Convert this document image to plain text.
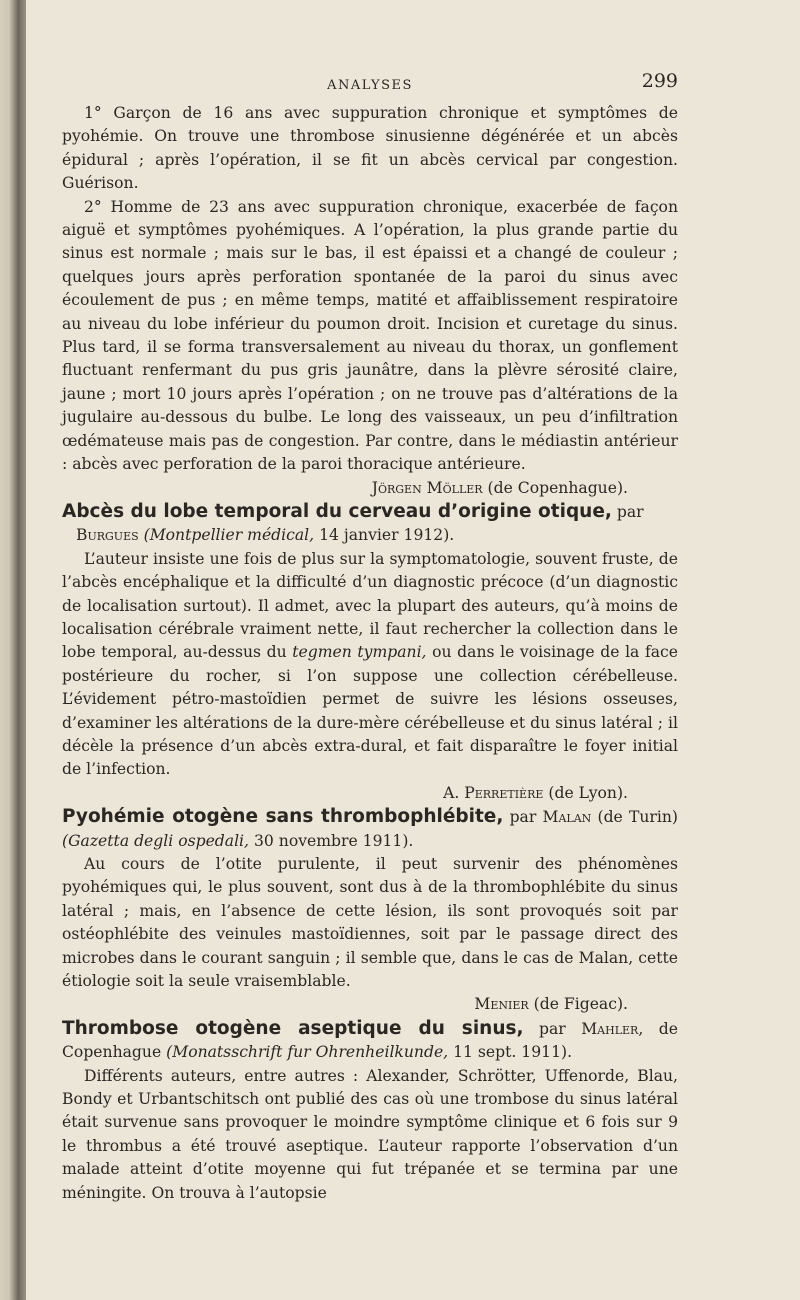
ANALYSES	299

1° Garçon de 16 ans avec suppuration chronique et symptômes de pyohémie. On trouve une thrombose sinusienne dégénérée et un abcès épidural ; après l’opération, il se fit un abcès cervical par congestion. Guérison.

2° Homme de 23 ans avec suppuration chronique, exacerbée de façon aiguë et symptômes pyohémiques. A l’opération, la plus grande partie du sinus est normale ; mais sur le bas, il est épaissi et a changé de couleur ; quelques jours après perforation spontanée de la paroi du sinus avec écoulement de pus ; en même temps, matité et affaiblissement respiratoire au niveau du lobe inférieur du poumon droit. Incision et curetage du sinus. Plus tard, il se forma transversalement au niveau du thorax, un gonflement fluctuant renfermant du pus gris jaunâtre, dans la plèvre sérosité claire, jaune ; mort 10 jours après l’opération ; on ne trouve pas d’altérations de la jugulaire au-dessous du bulbe. Le long des vaisseaux, un peu d’infiltration œdémateuse mais pas de congestion. Par contre, dans le médiastin antérieur : abcès avec perforation de la paroi thoracique antérieure.

Jörgen Möller (de Copenhague).

Abcès du lobe temporal du cerveau d’origine otique, par
Burgues (Montpellier médical, 14 janvier 1912).

L’auteur insiste une fois de plus sur la symptomatologie, souvent fruste, de l’abcès encéphalique et la difficulté d’un diagnostic précoce (d’un diagnostic de localisation surtout). Il admet, avec la plupart des auteurs, qu’à moins de localisation cérébrale vraiment nette, il faut rechercher la collection dans le lobe temporal, au-dessus du tegmen tympani, ou dans le voisinage de la face postérieure du rocher, si l’on suppose une collection cérébelleuse. L’évidement pétro-mastoïdien permet de suivre les lésions osseuses, d’examiner les altérations de la dure-mère cérébelleuse et du sinus latéral ; il décèle la présence d’un abcès extra-dural, et fait disparaître le foyer initial de l’infection.

A. Perretière (de Lyon).

Pyohémie otogène sans thrombophlébite, par Malan (de Turin) (Gazetta degli ospedali, 30 novembre 1911).

Au cours de l’otite purulente, il peut survenir des phénomènes pyohémiques qui, le plus souvent, sont dus à de la thrombophlébite du sinus latéral ; mais, en l’absence de cette lésion, ils sont provoqués soit par ostéophlébite des veinules mastoïdiennes, soit par le passage direct des microbes dans le courant sanguin ; il semble que, dans le cas de Malan, cette étiologie soit la seule vraisemblable.

Menier (de Figeac).

Thrombose otogène aseptique du sinus, par Mahler, de Copenhague (Monatsschrift fur Ohrenheilkunde, 11 sept. 1911).

Différents auteurs, entre autres : Alexander, Schrötter, Uffenorde, Blau, Bondy et Urbantschitsch ont publié des cas où une trombose du sinus latéral était survenue sans provoquer le moindre symptôme clinique et 6 fois sur 9 le thrombus a été trouvé aseptique. L’auteur rapporte l’observation d’un malade atteint d’otite moyenne qui fut trépanée et se termina par une méningite. On trouva à l’autopsie
